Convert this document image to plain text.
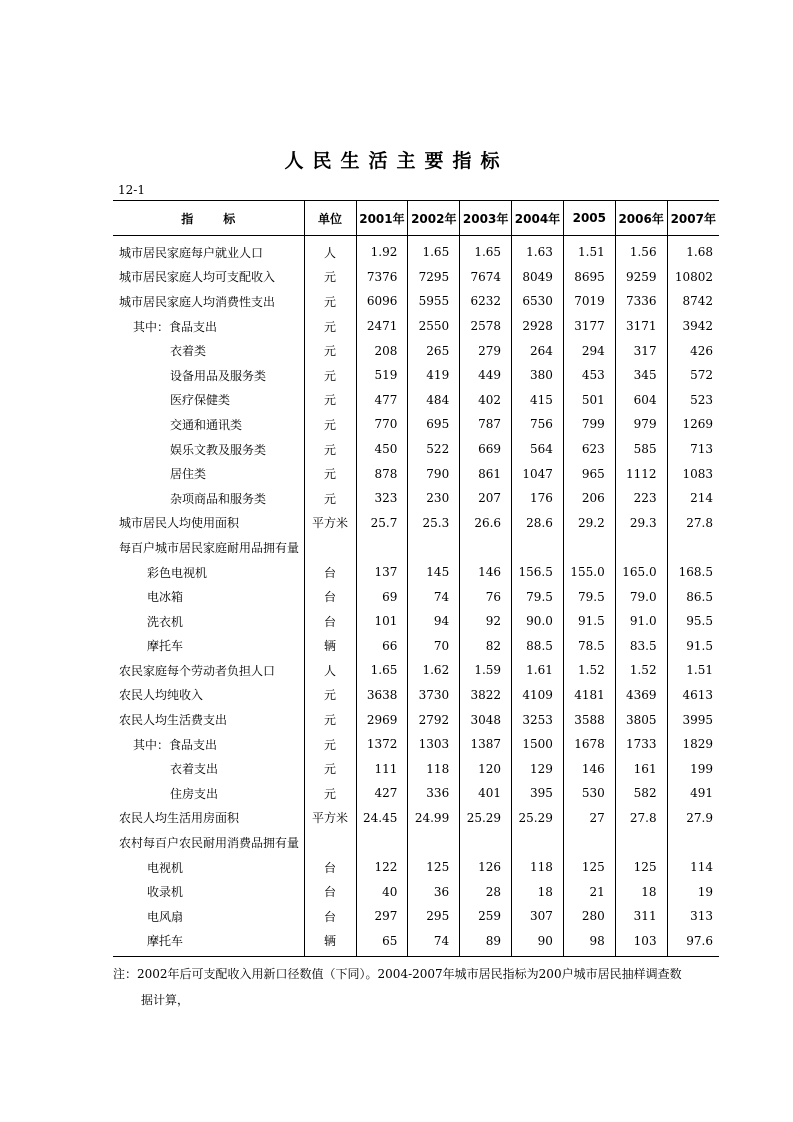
人民生活主要指标
12-1
指标	单位	2001年	2002年	2003年	2004年	2005	2006年	2007年
城市居民家庭每户就业人口	人	1.92	1.65	1.65	1.63	1.51	1.56	1.68
城市居民家庭人均可支配收入	元	7376	7295	7674	8049	8695	9259	10802
城市居民家庭人均消费性支出	元	6096	5955	6232	6530	7019	7336	8742
其中：食品支出	元	2471	2550	2578	2928	3177	3171	3942
衣着类	元	208	265	279	264	294	317	426
设备用品及服务类	元	519	419	449	380	453	345	572
医疗保健类	元	477	484	402	415	501	604	523
交通和通讯类	元	770	695	787	756	799	979	1269
娱乐文教及服务类	元	450	522	669	564	623	585	713
居住类	元	878	790	861	1047	965	1112	1083
杂项商品和服务类	元	323	230	207	176	206	223	214
城市居民人均使用面积	平方米	25.7	25.3	26.6	28.6	29.2	29.3	27.8
每百户城市居民家庭耐用品拥有量								
彩色电视机	台	137	145	146	156.5	155.0	165.0	168.5
电冰箱	台	69	74	76	79.5	79.5	79.0	86.5
洗衣机	台	101	94	92	90.0	91.5	91.0	95.5
摩托车	辆	66	70	82	88.5	78.5	83.5	91.5
农民家庭每个劳动者负担人口	人	1.65	1.62	1.59	1.61	1.52	1.52	1.51
农民人均纯收入	元	3638	3730	3822	4109	4181	4369	4613
农民人均生活费支出	元	2969	2792	3048	3253	3588	3805	3995
其中：食品支出	元	1372	1303	1387	1500	1678	1733	1829
衣着支出	元	111	118	120	129	146	161	199
住房支出	元	427	336	401	395	530	582	491
农民人均生活用房面积	平方米	24.45	24.99	25.29	25.29	27	27.8	27.9
农村每百户农民耐用消费品拥有量								
电视机	台	122	125	126	118	125	125	114
收录机	台	40	36	28	18	21	18	19
电风扇	台	297	295	259	307	280	311	313
摩托车	辆	65	74	89	90	98	103	97.6
注：2002年后可支配收入用新口径数值（下同）。2004-2007年城市居民指标为200户城市居民抽样调查数
据计算，
